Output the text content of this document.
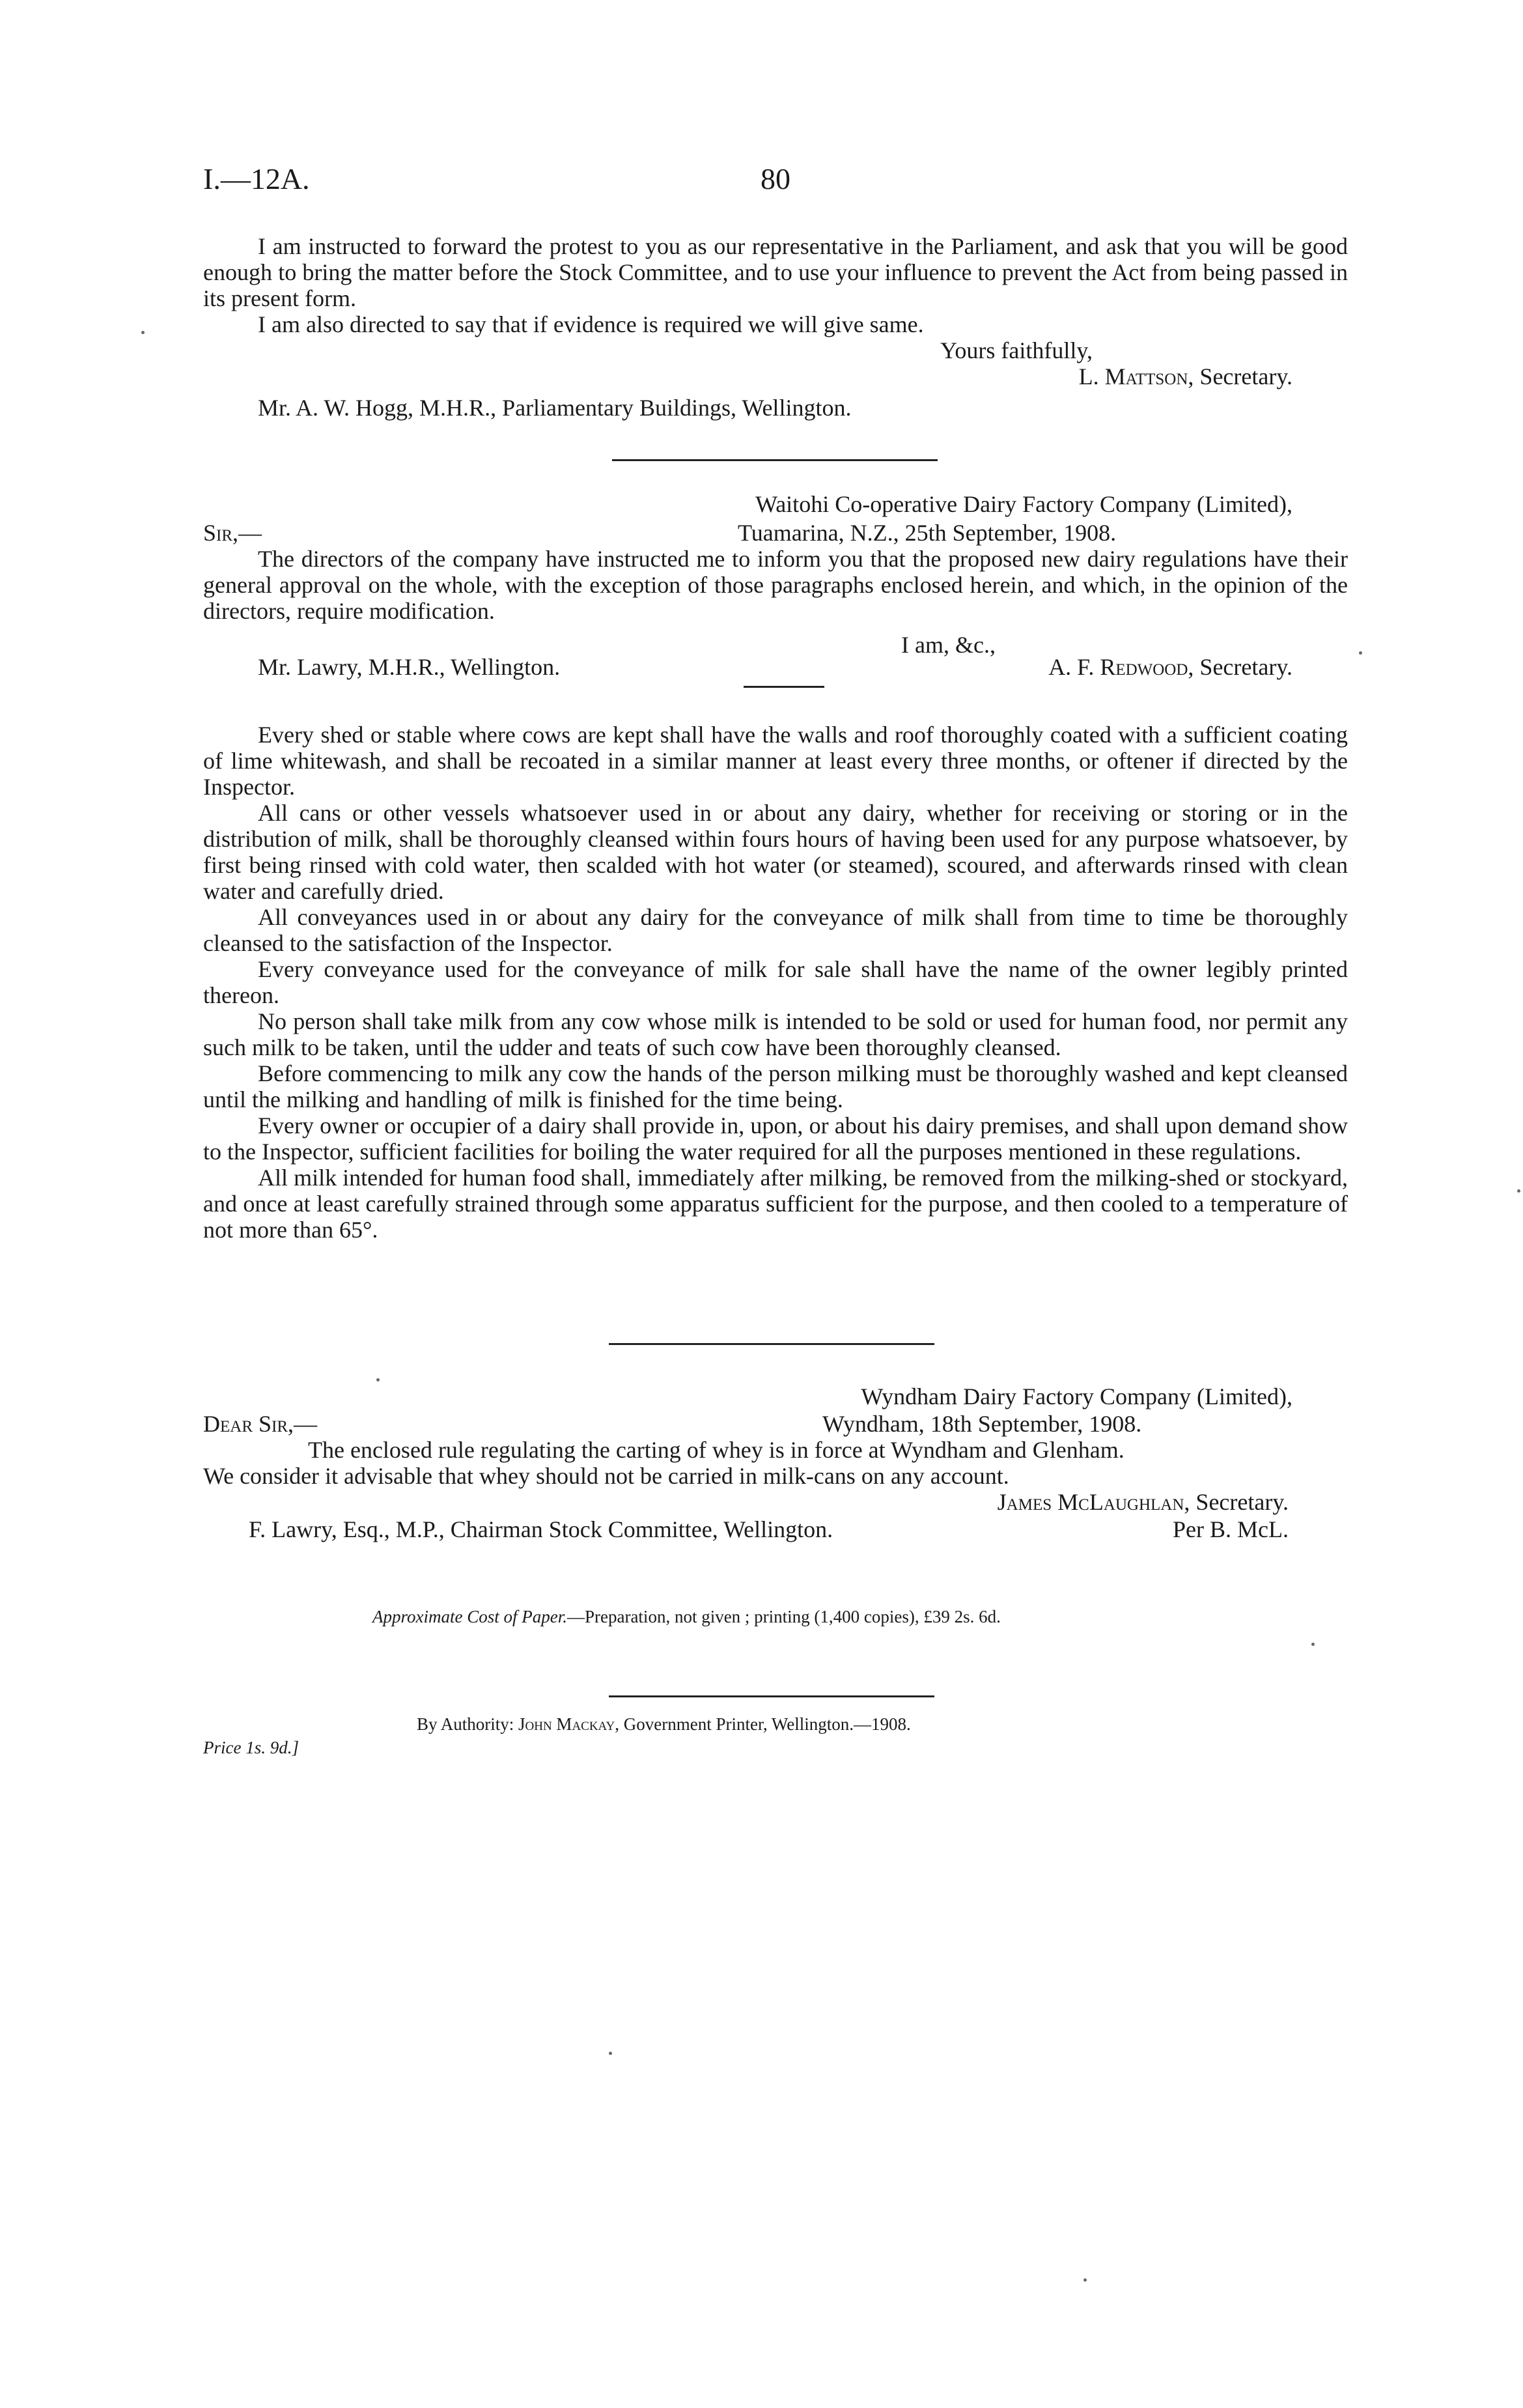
I.—12A.	80

I am instructed to forward the protest to you as our representative in the Parliament, and ask that you will be good enough to bring the matter before the Stock Committee, and to use your influence to prevent the Act from being passed in its present form.

I am also directed to say that if evidence is required we will give same.

Yours faithfully,
L. Mattson, Secretary.
Mr. A. W. Hogg, M.H.R., Parliamentary Buildings, Wellington.
Waitohi Co-operative Dairy Factory Company (Limited),
Sir,—	Tuamarina, N.Z., 25th September, 1908.

The directors of the company have instructed me to inform you that the proposed new dairy regulations have their general approval on the whole, with the exception of those paragraphs enclosed herein, and which, in the opinion of the directors, require modification.

I am, &c.,
Mr. Lawry, M.H.R., Wellington.	A. F. Redwood, Secretary.

Every shed or stable where cows are kept shall have the walls and roof thoroughly coated with a sufficient coating of lime whitewash, and shall be recoated in a similar manner at least every three months, or oftener if directed by the Inspector.

All cans or other vessels whatsoever used in or about any dairy, whether for receiving or storing or in the distribution of milk, shall be thoroughly cleansed within fours hours of having been used for any purpose whatsoever, by first being rinsed with cold water, then scalded with hot water (or steamed), scoured, and afterwards rinsed with clean water and carefully dried.

All conveyances used in or about any dairy for the conveyance of milk shall from time to time be thoroughly cleansed to the satisfaction of the Inspector.

Every conveyance used for the conveyance of milk for sale shall have the name of the owner legibly printed thereon.

No person shall take milk from any cow whose milk is intended to be sold or used for human food, nor permit any such milk to be taken, until the udder and teats of such cow have been thoroughly cleansed.

Before commencing to milk any cow the hands of the person milking must be thoroughly washed and kept cleansed until the milking and handling of milk is finished for the time being.

Every owner or occupier of a dairy shall provide in, upon, or about his dairy premises, and shall upon demand show to the Inspector, sufficient facilities for boiling the water required for all the purposes mentioned in these regulations.

All milk intended for human food shall, immediately after milking, be removed from the milking-shed or stockyard, and once at least carefully strained through some apparatus sufficient for the purpose, and then cooled to a temperature of not more than 65°.

Wyndham Dairy Factory Company (Limited),
Dear Sir,—	Wyndham, 18th September, 1908.
The enclosed rule regulating the carting of whey is in force at Wyndham and Glenham.
We consider it advisable that whey should not be carried in milk-cans on any account.
James McLaughlan, Secretary.
F. Lawry, Esq., M.P., Chairman Stock Committee, Wellington.	Per B. McL.
Approximate Cost of Paper.—Preparation, not given ; printing (1,400 copies), £39 2s. 6d.
By Authority: John Mackay, Government Printer, Wellington.—1908.
Price 1s. 9d.]
